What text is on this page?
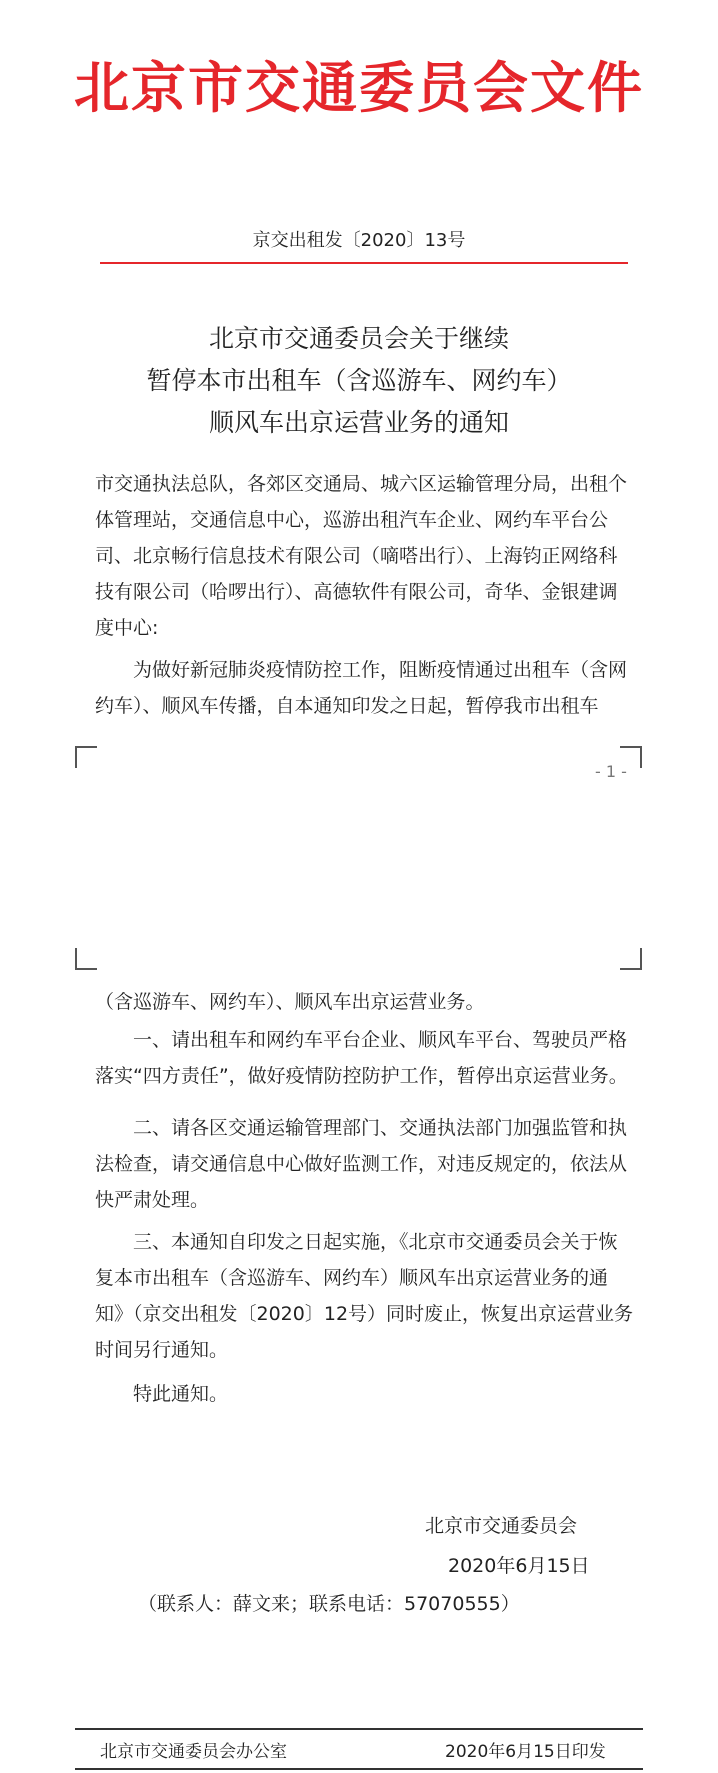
北京市交通委员会文件
京交出租发〔2020〕13号
北京市交通委员会关于继续
暂停本市出租车（含巡游车、网约车）
顺风车出京运营业务的通知
市交通执法总队，各郊区交通局、城六区运输管理分局，出租个体管理站，交通信息中心，巡游出租汽车企业、网约车平台公司、北京畅行信息技术有限公司（嘀嗒出行）、上海钧正网络科技有限公司（哈啰出行）、高德软件有限公司，奇华、金银建调度中心:
为做好新冠肺炎疫情防控工作，阻断疫情通过出租车（含网约车）、顺风车传播，自本通知印发之日起，暂停我市出租车
- 1 -
（含巡游车、网约车）、顺风车出京运营业务。
一、请出租车和网约车平台企业、顺风车平台、驾驶员严格落实“四方责任”，做好疫情防控防护工作，暂停出京运营业务。
二、请各区交通运输管理部门、交通执法部门加强监管和执法检查，请交通信息中心做好监测工作，对违反规定的，依法从快严肃处理。
三、本通知自印发之日起实施，《北京市交通委员会关于恢复本市出租车（含巡游车、网约车）顺风车出京运营业务的通知》（京交出租发〔2020〕12号）同时废止，恢复出京运营业务时间另行通知。
特此通知。
北京市交通委员会
2020年6月15日
（联系人：薛文来；联系电话：57070555）
北京市交通委员会办公室	2020年6月15日印发
